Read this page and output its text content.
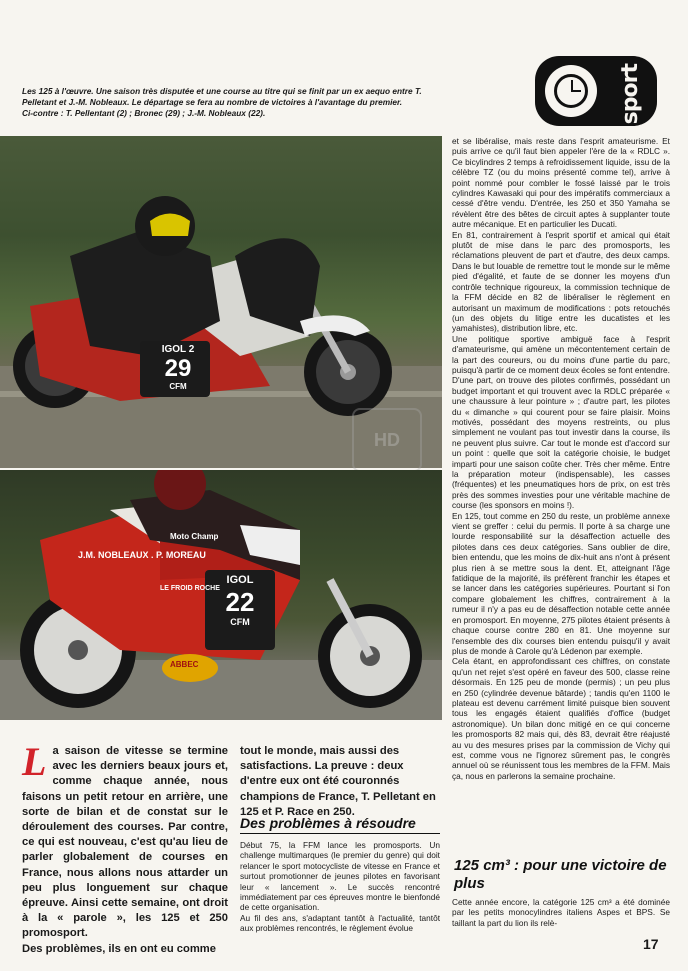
Les 125 à l'œuvre. Une saison très disputée et une course au titre qui se finit par un ex aequo entre T. Pelletant et J.-M. Nobleaux. Le départage se fera au nombre de victoires à l'avantage du premier.

Ci-contre : T. Pellentant (2) ; Bronec (29) ; J.-M. Nobleaux (22).	sport
IGOL 2
29
CFM
HD
J.M. NOBLEAUX . P. MOREAU
Moto Champ
LE FROID ROCHE
IGOL
22
CFM
ABBEC

et se libéralise, mais reste dans l'esprit amateurisme. Et puis arrive ce qu'il faut bien appeler l'ère de la « RDLC ». Ce bicylindres 2 temps à refroidissement liquide, issu de la célèbre TZ (ou du moins présenté comme tel), arrive à point nommé pour combler le fossé laissé par le trois cylindres Kawasaki qui pour des impératifs commerciaux a cessé d'être vendu. D'entrée, les 250 et 350 Yamaha se révèlent être des bêtes de circuit aptes à supplanter toute autre mécanique. Et en particulier les Ducati.

En 81, contrairement à l'esprit sportif et amical qui était plutôt de mise dans le parc des promosports, les réclamations pleuvent de part et d'autre, des deux camps. Dans le but louable de remettre tout le monde sur le même pied d'égalité, et faute de se donner les moyens d'un contrôle technique rigoureux, la commission technique de la FFM décide en 82 de libéraliser le règlement en autorisant un maximum de modifications : pots retouchés (un des objets du litige entre les ducatistes et les yamahistes), distribution libre, etc.

Une politique sportive ambiguë face à l'esprit d'amateurisme, qui amène un mécontentement certain de la part des coureurs, ou du moins d'une partie du parc, puisqu'à partir de ce moment deux écoles se font entendre.

D'une part, on trouve des pilotes confirmés, possédant un budget important et qui trouvent avec la RDLC préparée « une chaussure à leur pointure » ; d'autre part, les pilotes du « dimanche » qui courent pour se faire plaisir. Moins motivés, possédant des moyens restreints, ou plus simplement ne voulant pas tout investir dans la course, ils ne peuvent plus suivre. Car tout le monde est d'accord sur un point : quelle que soit la catégorie choisie, le budget imparti pour une saison coûte cher. Très cher même. Entre la préparation moteur (indispensable), les casses (fréquentes) et les pneumatiques hors de prix, on est très près des sommes investies pour une véritable machine de course (les sponsors en moins !).

En 125, tout comme en 250 du reste, un problème annexe vient se greffer : celui du permis. Il porte à sa charge une lourde responsabilité sur la désaffection actuelle des pilotes dans ces deux catégories. Sans oublier de dire, bien entendu, que les moins de dix-huit ans n'ont à présent plus rien à se mettre sous la dent. Et, atteignant l'âge fatidique de la majorité, ils préfèrent franchir les étapes et se lancer dans les catégories supérieures. Pourtant si l'on compare globalement les chiffres, contrairement à la rumeur il n'y a pas eu de désaffection notable cette année en promosport. En moyenne, 275 pilotes étaient présents à chaque course contre 280 en 81. Une moyenne sur l'ensemble des dix courses bien entendu puisqu'il y avait plus de monde à Carole qu'à Lédenon par exemple.

Cela étant, en approfondissant ces chiffres, on constate qu'un net rejet s'est opéré en faveur des 500, classe reine désormais. En 125 peu de monde (permis) ; un peu plus en 250 (cylindrée devenue bâtarde) ; tandis qu'en 1100 le plateau est devenu carrément limité puisque bien souvent tous les engagés étaient qualifiés d'office (budget astronomique). Un bilan donc mitigé en ce qui concerne les promosports 82 mais qui, dès 83, devrait être réajusté au vu des mesures prises par la commission de Vichy qui est, comme vous ne l'ignorez sûrement pas, le congrès annuel où se réunissent tous les membres de la FFM. Mais ça, nous en parlerons la semaine prochaine.

125 cm³ : pour une victoire de plus
Cette année encore, la catégorie 125 cm³ a été dominée par les petits monocylindres italiens Aspes et BPS. Se taillant la part du lion ils relè-
La saison de vitesse se termine avec les derniers beaux jours et, comme chaque année, nous faisons un petit retour en arrière, une sorte de bilan et de constat sur le déroulement des courses. Par contre, ce qui est nouveau, c'est qu'au lieu de parler globalement de courses en France, nous allons nous attarder un peu plus longuement sur chaque épreuve. Ainsi cette semaine, ont droit à la « parole », les 125 et 250 promosport.
Des problèmes, ils en ont eu comme
tout le monde, mais aussi des satisfactions. La preuve : deux d'entre eux ont été couronnés champions de France, T. Pelletant en 125 et P. Race en 250.
Des problèmes à résoudre

Début 75, la FFM lance les promosports. Un challenge multimarques (le premier du genre) qui doit relancer le sport motocycliste de vitesse en France et surtout promotionner de jeunes pilotes en favorisant leur « lancement ». Le succès rencontré immédiatement par ces épreuves montre le bienfondé de cette organisation.

Au fil des ans, s'adaptant tantôt à l'actualité, tantôt aux problèmes rencontrés, le règlement évolue

17
